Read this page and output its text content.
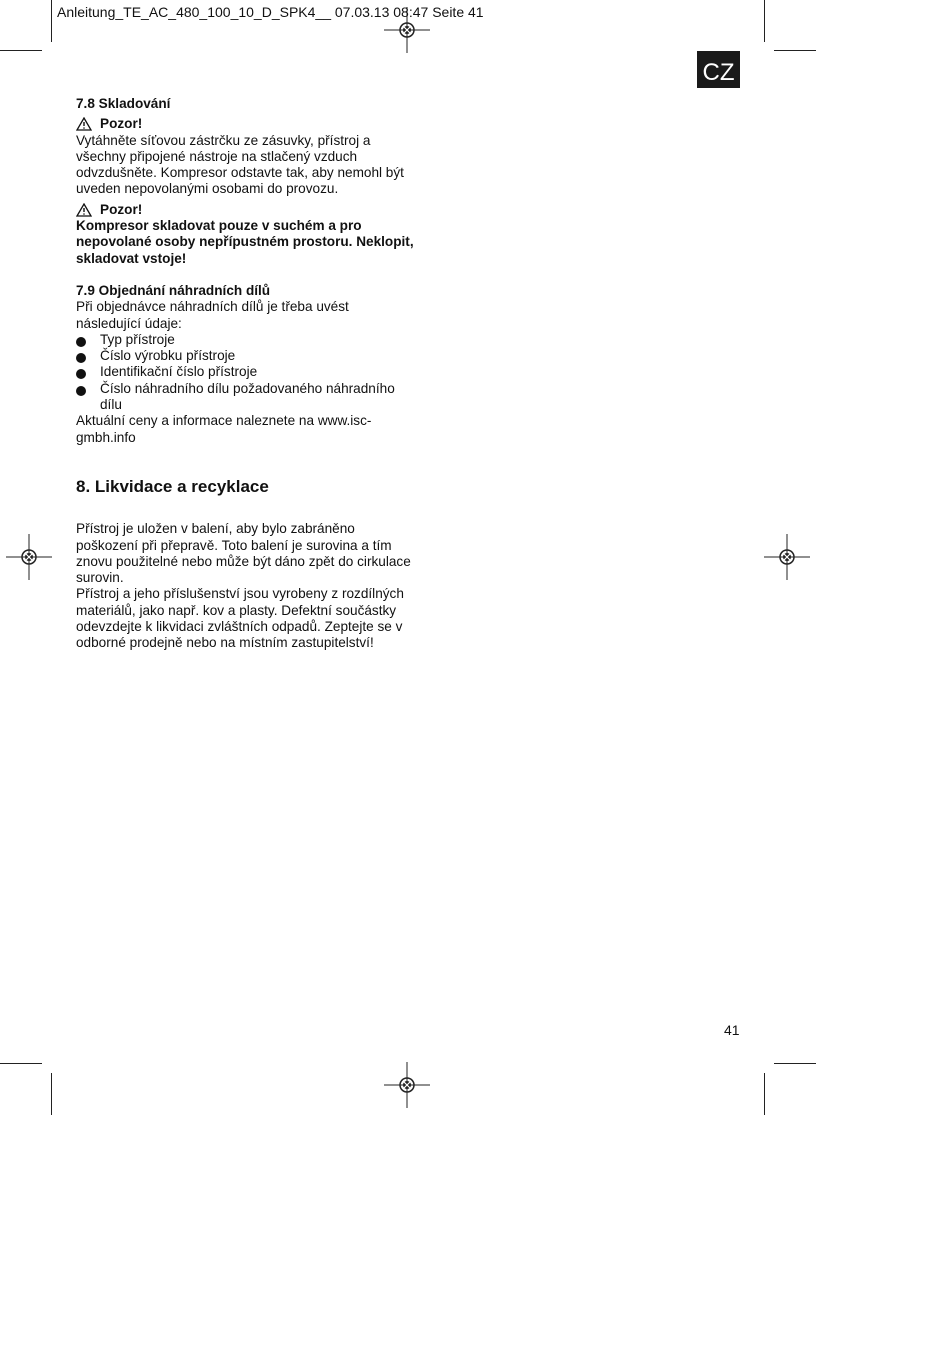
Anleitung_TE_AC_480_100_10_D_SPK4__ 07.03.13 08:47 Seite 41
CZ

7.8 Skladování

Pozor!

Vytáhněte síťovou zástrčku ze zásuvky, přístroj a všechny připojené nástroje na stlačený vzduch odvzdušněte. Kompresor odstavte tak, aby nemohl být uveden nepovolanými osobami do provozu.

Pozor!

Kompresor skladovat pouze v suchém a pro nepovolané osoby nepřípustném prostoru. Neklopit, skladovat vstoje!

7.9 Objednání náhradních dílů

Při objednávce náhradních dílů je třeba uvést následující údaje:

Typ přístroje
Číslo výrobku přístroje
Identifikační číslo přístroje
Číslo náhradního dílu požadovaného náhradního dílu

Aktuální ceny a informace naleznete na www.isc-gmbh.info

8. Likvidace a recyklace

Přístroj je uložen v balení, aby bylo zabráněno poškození při přepravě. Toto balení je surovina a tím znovu použitelné nebo může být dáno zpět do cirkulace surovin.

Přístroj a jeho příslušenství jsou vyrobeny z rozdílných materiálů, jako např. kov a plasty. Defektní součástky odevzdejte k likvidaci zvláštních odpadů. Zeptejte se v odborné prodejně nebo na místním zastupitelství!

41
